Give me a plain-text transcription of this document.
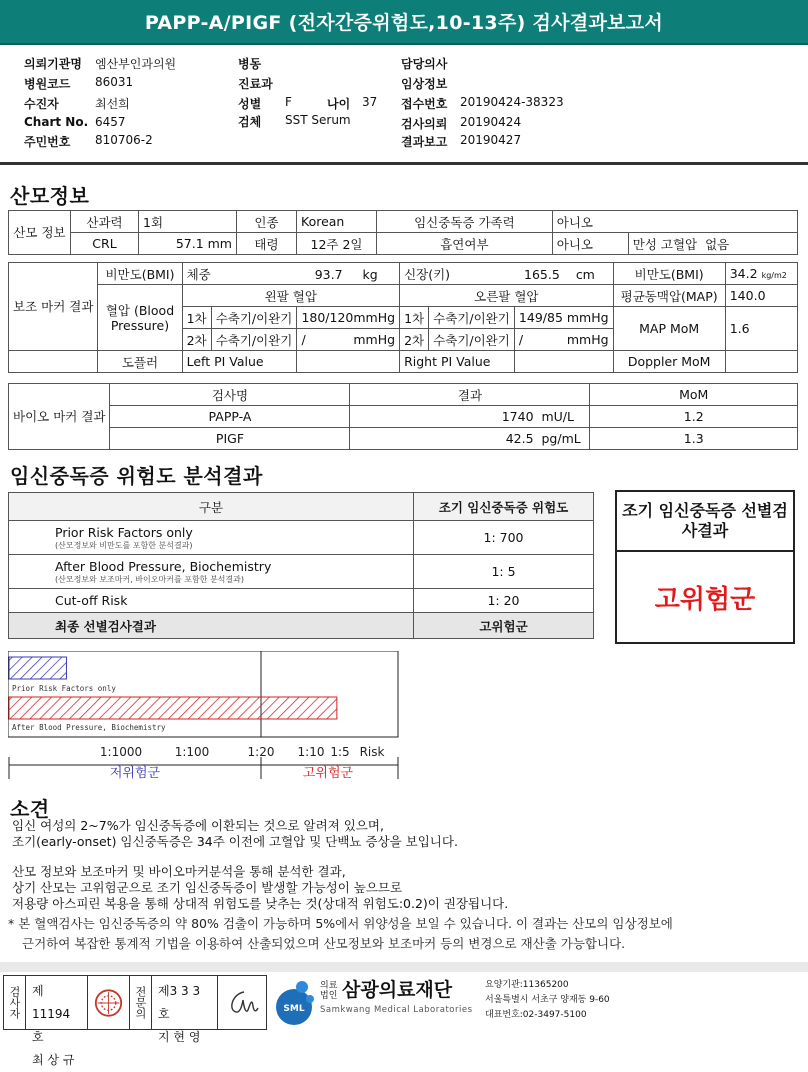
PAPP-A/PIGF (전자간증위험도,10-13주) 검사결과보고서
의뢰기관명 엠산부인과의원
병원코드 86031
수진자	최선희
Chart No. 6457
주민번호 810706-2
병동
진료과
성별 F	나이 37
검체 SST Serum
담당의사
임상정보
접수번호 20190424-38323
검사의뢰 20190424
결과보고 20190427
산모정보
산모 정보	산과력	1회	인종	Korean	임신중독증 가족력	아니오	
	CRL	57.1 mm	태령	12주 2일	흡연여부	아니오	만성 고혈압 없음
보조 마커 결과	비만도(BMI)	체중 93.7 kg			신장(키) 165.5 cm			비만도(BMI)	34.2 kg/m2
	혈압 (Blood Pressure)	왼팔 혈압			오른팔 혈압			평균동맥압(MAP)	140.0
		1차	수축기/이완기	180/120mmHg	1차	수축기/이완기	149/85 mmHg	MAP MoM	1.6
		2차	수축기/이완기	/ mmHg	2차	수축기/이완기	/ mmHg		

	도플러	Left PI Value			Right PI Value			Doppler MoM	
바이오 마커 결과	검사명	결과	MoM
	PAPP-A	1740 mU/L	1.2
	PIGF	42.5 pg/mL	1.3
임신중독증 위험도 분석결과
구분	조기 임신중독증 위험도
Prior Risk Factors only
(산모정보와 비만도를 포함한 분석결과)	1: 700
After Blood Pressure, Biochemistry
(산모정보와 보조마커, 바이오마커를 포함한 분석결과)	1: 5
Cut-off Risk	1: 20
최종 선별검사결과	고위험군
조기 임신중독증 선별검사결과
고위험군
Prior Risk Factors only
After Blood Pressure, Biochemistry
1:1000	1:100	1:20 1:10 1:5 Risk
저위험군	고위험군
소견

임신 여성의 2~7%가 임신중독증에 이환되는 것으로 알려져 있으며,

조기(early-onset) 임신중독증은 34주 이전에 고혈압 및 단백뇨 증상을 보입니다.

산모 정보와 보조마커 및 바이오마커분석을 통해 분석한 결과,

상기 산모는 고위험군으로 조기 임신중독증이 발생할 가능성이 높으므로

저용량 아스피린 복용을 통해 상대적 위험도를 낮추는 것(상대적 위험도:0.2)이 권장됩니다.

* 본 혈액검사는 임신중독증의 약 80% 검출이 가능하며 5%에서 위양성을 보일 수 있습니다. 이 결과는 산모의 임상정보에
근거하여 복잡한 통계적 기법을 이용하여 산출되었으며 산모정보와 보조마커 등의 변경으로 재산출 가능합니다.
검사자 제11194호
최 상 규
전문의 제3 3 3 호
지 현 영
SML
의료법인 삼광의료재단
Samkwang Medical Laboratories
요양기관:11365200
서울특별시 서초구 양재동 9-60
대표번호:02-3497-5100
